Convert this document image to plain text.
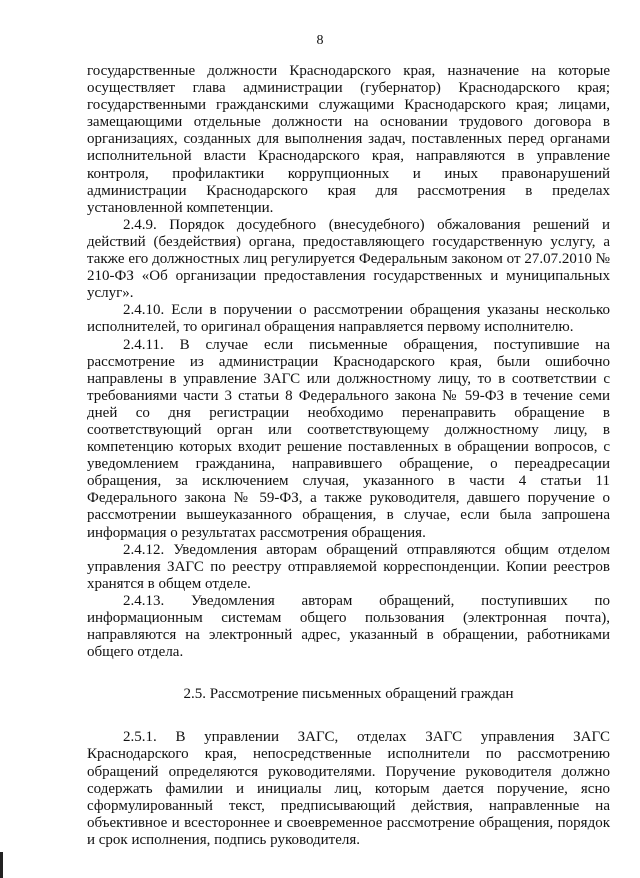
8

государственные должности Краснодарского края, назначение на которые осуществляет глава администрации (губернатор) Краснодарского края; государственными гражданскими служащими Краснодарского края; лицами, замещающими отдельные должности на основании трудового договора в организациях, созданных для выполнения задач, поставленных перед органами исполнительной власти Краснодарского края, направляются в управление контроля, профилактики коррупционных и иных правонарушений администрации Краснодарского края для рассмотрения в пределах установленной компетенции.

2.4.9. Порядок досудебного (внесудебного) обжалования решений и действий (бездействия) органа, предоставляющего государственную услугу, а также его должностных лиц регулируется Федеральным законом от 27.07.2010 № 210-ФЗ «Об организации предоставления государственных и муниципальных услуг».

2.4.10. Если в поручении о рассмотрении обращения указаны несколько исполнителей, то оригинал обращения направляется первому исполнителю.

2.4.11. В случае если письменные обращения, поступившие на рассмотрение из администрации Краснодарского края, были ошибочно направлены в управление ЗАГС или должностному лицу, то в соответствии с требованиями части 3 статьи 8 Федерального закона № 59-ФЗ в течение семи дней со дня регистрации необходимо перенаправить обращение в соответствующий орган или соответствующему должностному лицу, в компетенцию которых входит решение поставленных в обращении вопросов, с уведомлением гражданина, направившего обращение, о переадресации обращения, за исключением случая, указанного в части 4 статьи 11 Федерального закона № 59-ФЗ, а также руководителя, давшего поручение о рассмотрении вышеуказанного обращения, в случае, если была запрошена информация о результатах рассмотрения обращения.

2.4.12. Уведомления авторам обращений отправляются общим отделом управления ЗАГС по реестру отправляемой корреспонденции. Копии реестров хранятся в общем отделе.

2.4.13. Уведомления авторам обращений, поступивших по информационным системам общего пользования (электронная почта), направляются на электронный адрес, указанный в обращении, работниками общего отдела.

2.5. Рассмотрение письменных обращений граждан

2.5.1. В управлении ЗАГС, отделах ЗАГС управления ЗАГС Краснодарского края, непосредственные исполнители по рассмотрению обращений определяются руководителями. Поручение руководителя должно содержать фамилии и инициалы лиц, которым дается поручение, ясно сформулированный текст, предписывающий действия, направленные на объективное и всестороннее и своевременное рассмотрение обращения, порядок и срок исполнения, подпись руководителя.
